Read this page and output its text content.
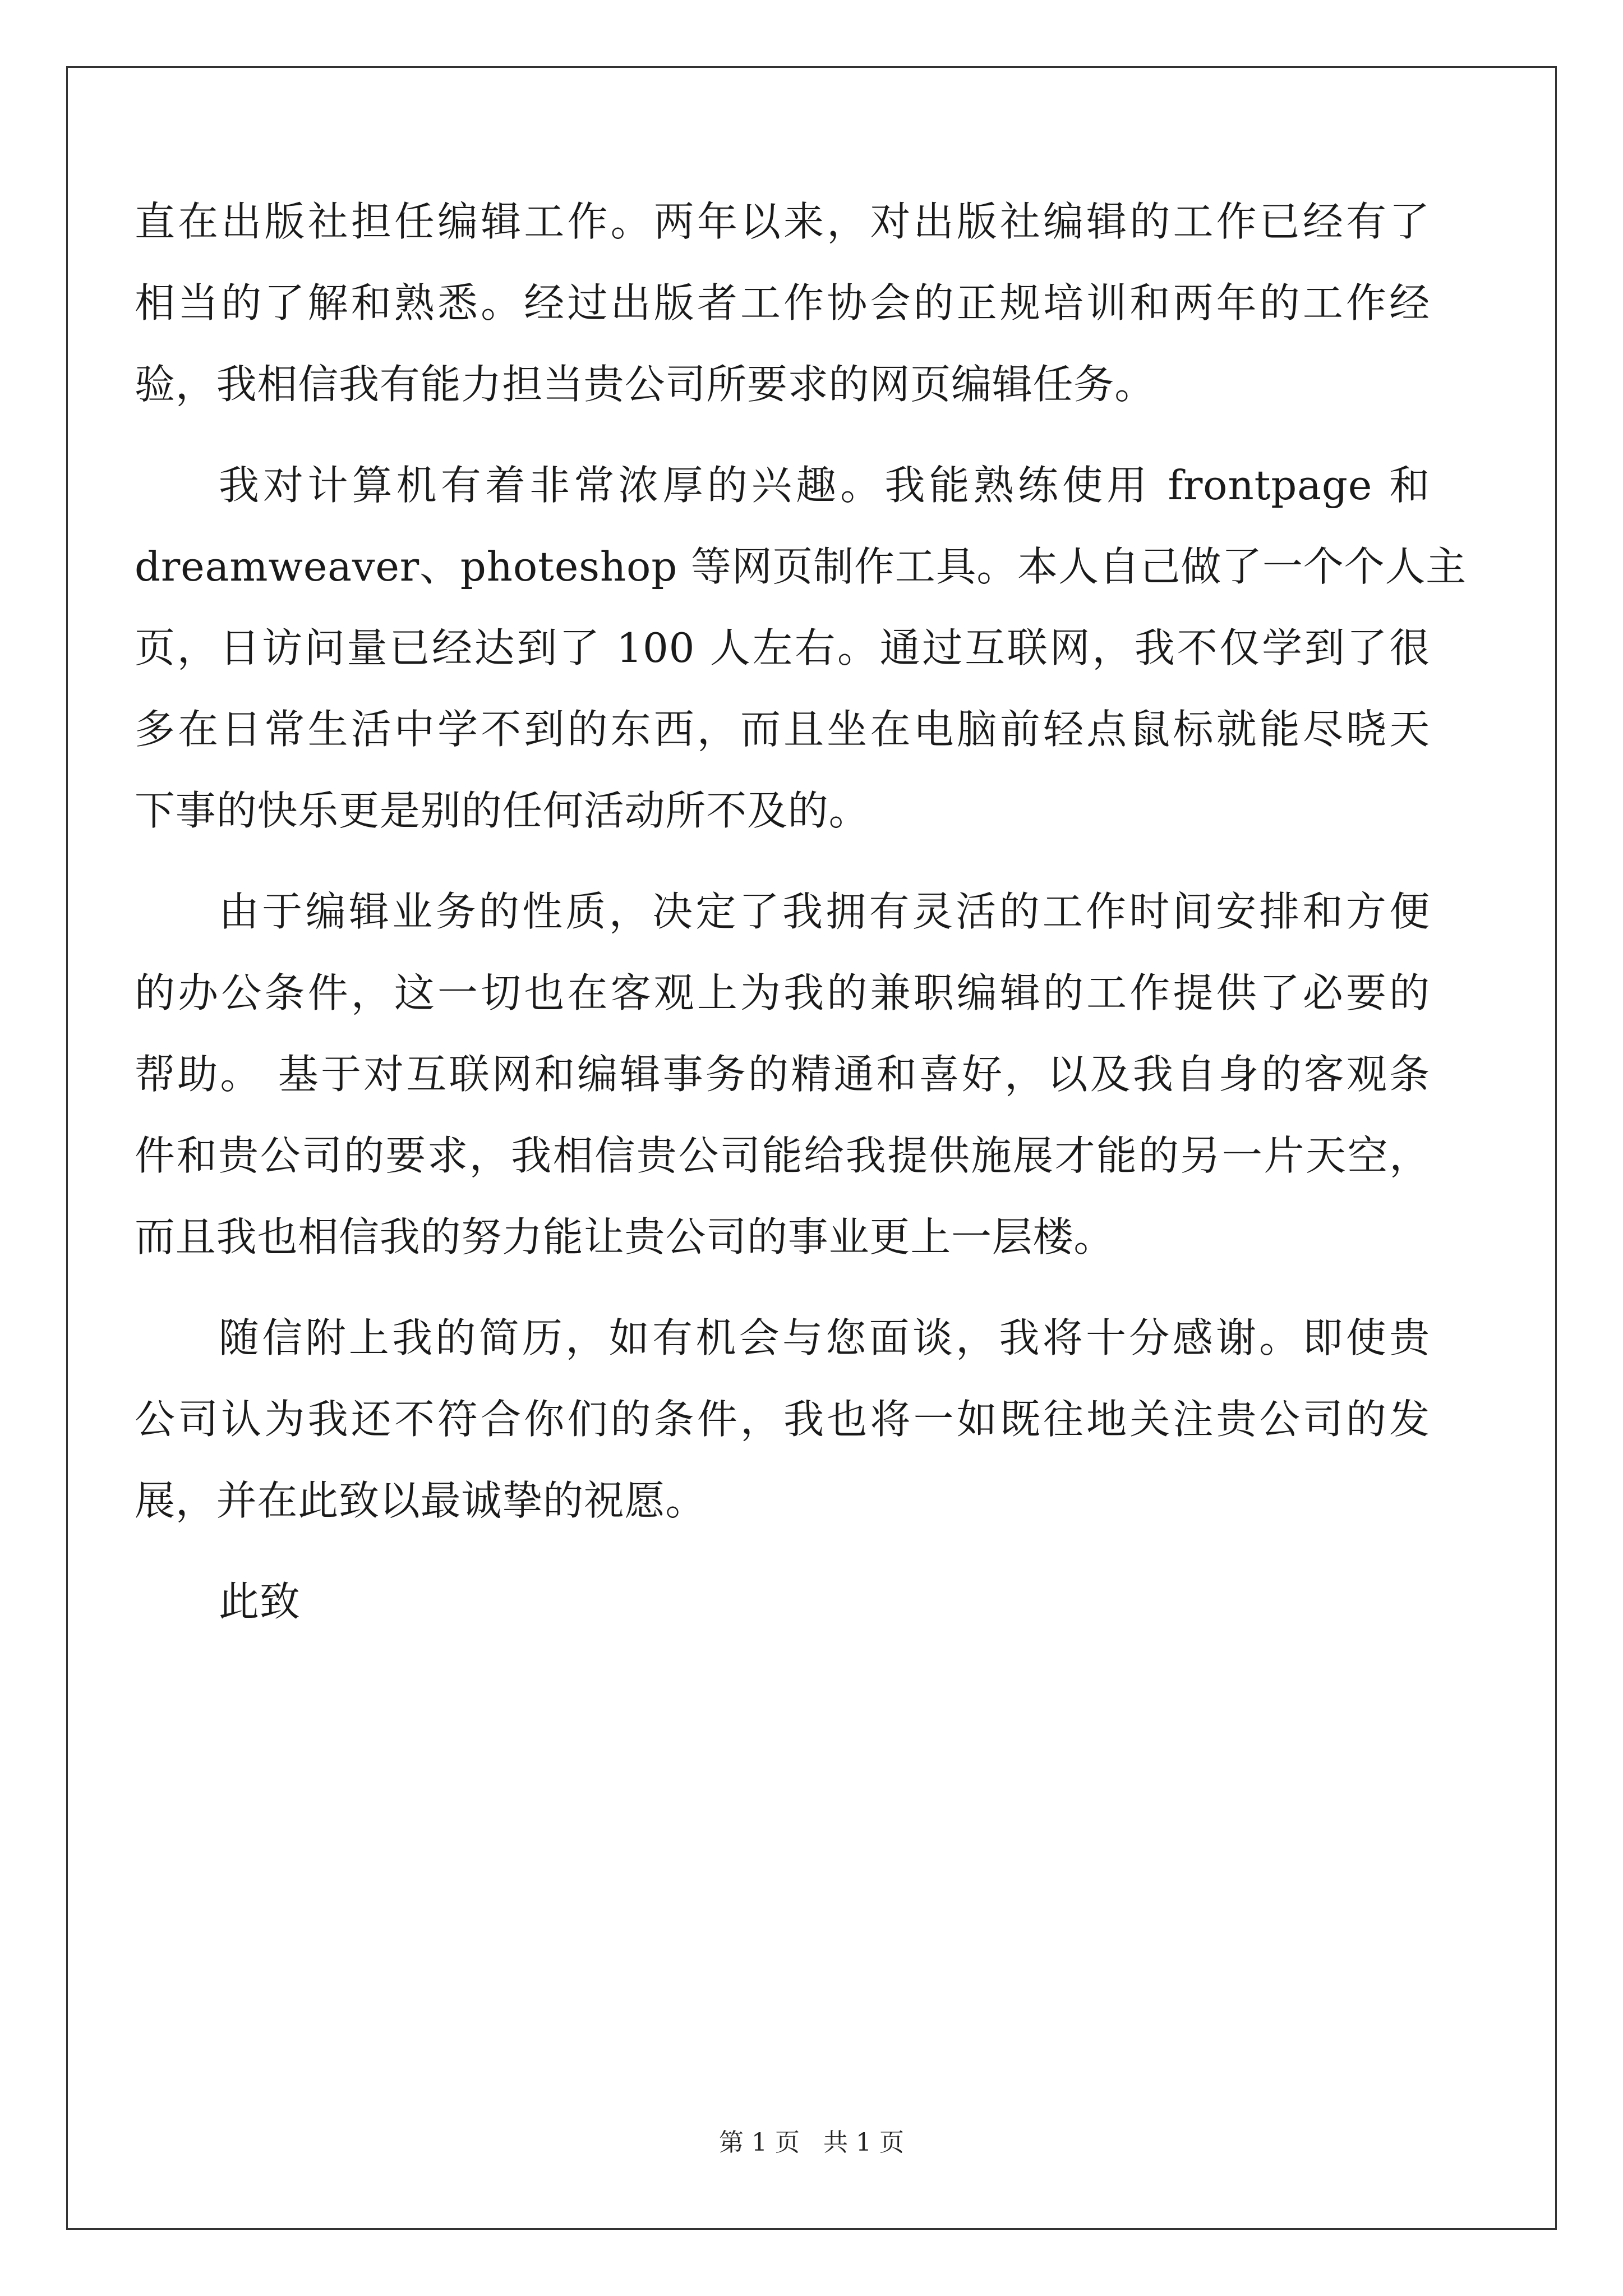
直在出版社担任编辑工作。两年以来，对出版社编辑的工作已经有了
相当的了解和熟悉。经过出版者工作协会的正规培训和两年的工作经
验，我相信我有能力担当贵公司所要求的网页编辑任务。
我对计算机有着非常浓厚的兴趣。我能熟练使用 frontpage 和
dreamweaver、photeshop 等网页制作工具。本人自己做了一个个人主
页，日访问量已经达到了 100 人左右。通过互联网，我不仅学到了很
多在日常生活中学不到的东西，而且坐在电脑前轻点鼠标就能尽晓天
下事的快乐更是别的任何活动所不及的。
由于编辑业务的性质，决定了我拥有灵活的工作时间安排和方便
的办公条件，这一切也在客观上为我的兼职编辑的工作提供了必要的
帮助。 基于对互联网和编辑事务的精通和喜好，以及我自身的客观条
件和贵公司的要求，我相信贵公司能给我提供施展才能的另一片天空，
而且我也相信我的努力能让贵公司的事业更上一层楼。
随信附上我的简历，如有机会与您面谈，我将十分感谢。即使贵
公司认为我还不符合你们的条件，我也将一如既往地关注贵公司的发
展，并在此致以最诚挚的祝愿。
此致
第 1 页   共 1 页
